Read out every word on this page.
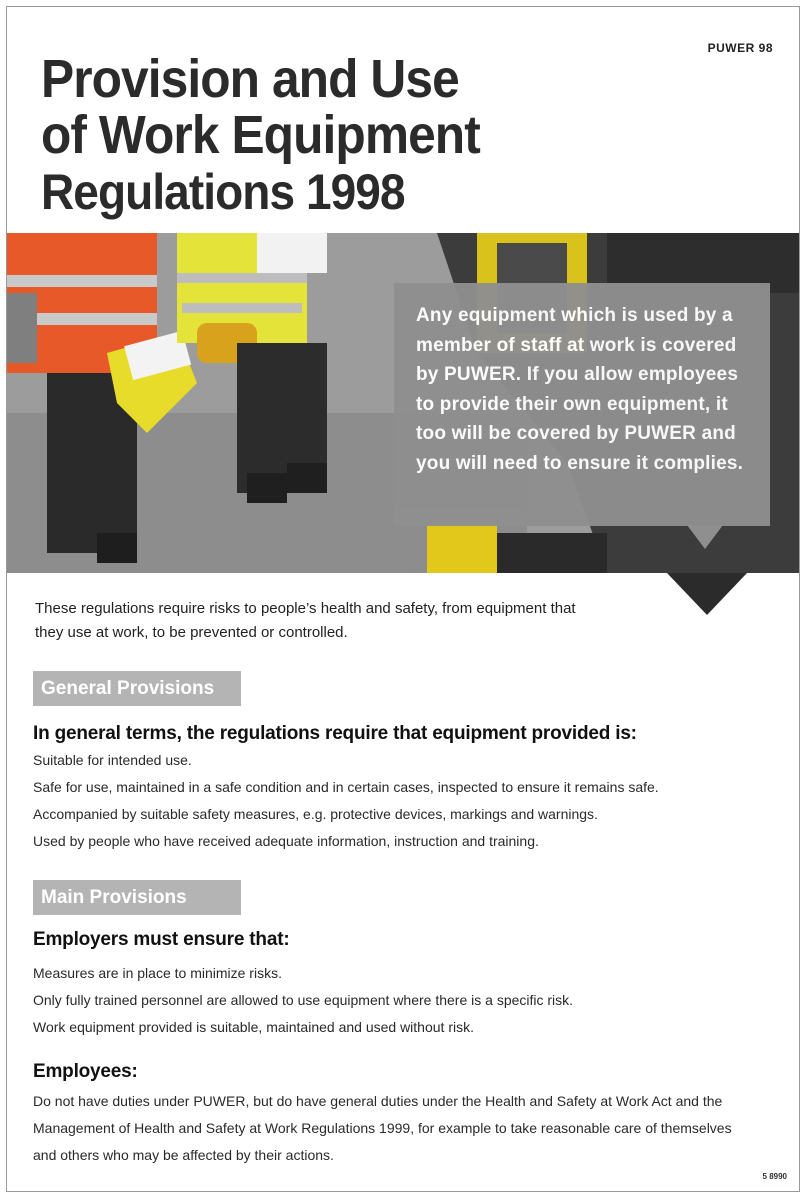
PUWER 98
Provision and Use
of Work Equipment
Regulations 1998

Any equipment which is used by a member of staff at work is covered by PUWER. If you allow employees to provide their own equipment, it too will be covered by PUWER and you will need to ensure it complies.

These regulations require risks to people’s health and safety, from equipment that they use at work, to be prevented or controlled.

General Provisions
In general terms, the regulations require that equipment provided is:
Suitable for intended use.
Safe for use, maintained in a safe condition and in certain cases, inspected to ensure it remains safe.
Accompanied by suitable safety measures, e.g. protective devices, markings and warnings.
Used by people who have received adequate information, instruction and training.
Main Provisions
Employers must ensure that:
Measures are in place to minimize risks.
Only fully trained personnel are allowed to use equipment where there is a specific risk.
Work equipment provided is suitable, maintained and used without risk.
Employees:

Do not have duties under PUWER, but do have general duties under the Health and Safety at Work Act and the Management of Health and Safety at Work Regulations 1999, for example to take reasonable care of themselves and others who may be affected by their actions.

5 8990
